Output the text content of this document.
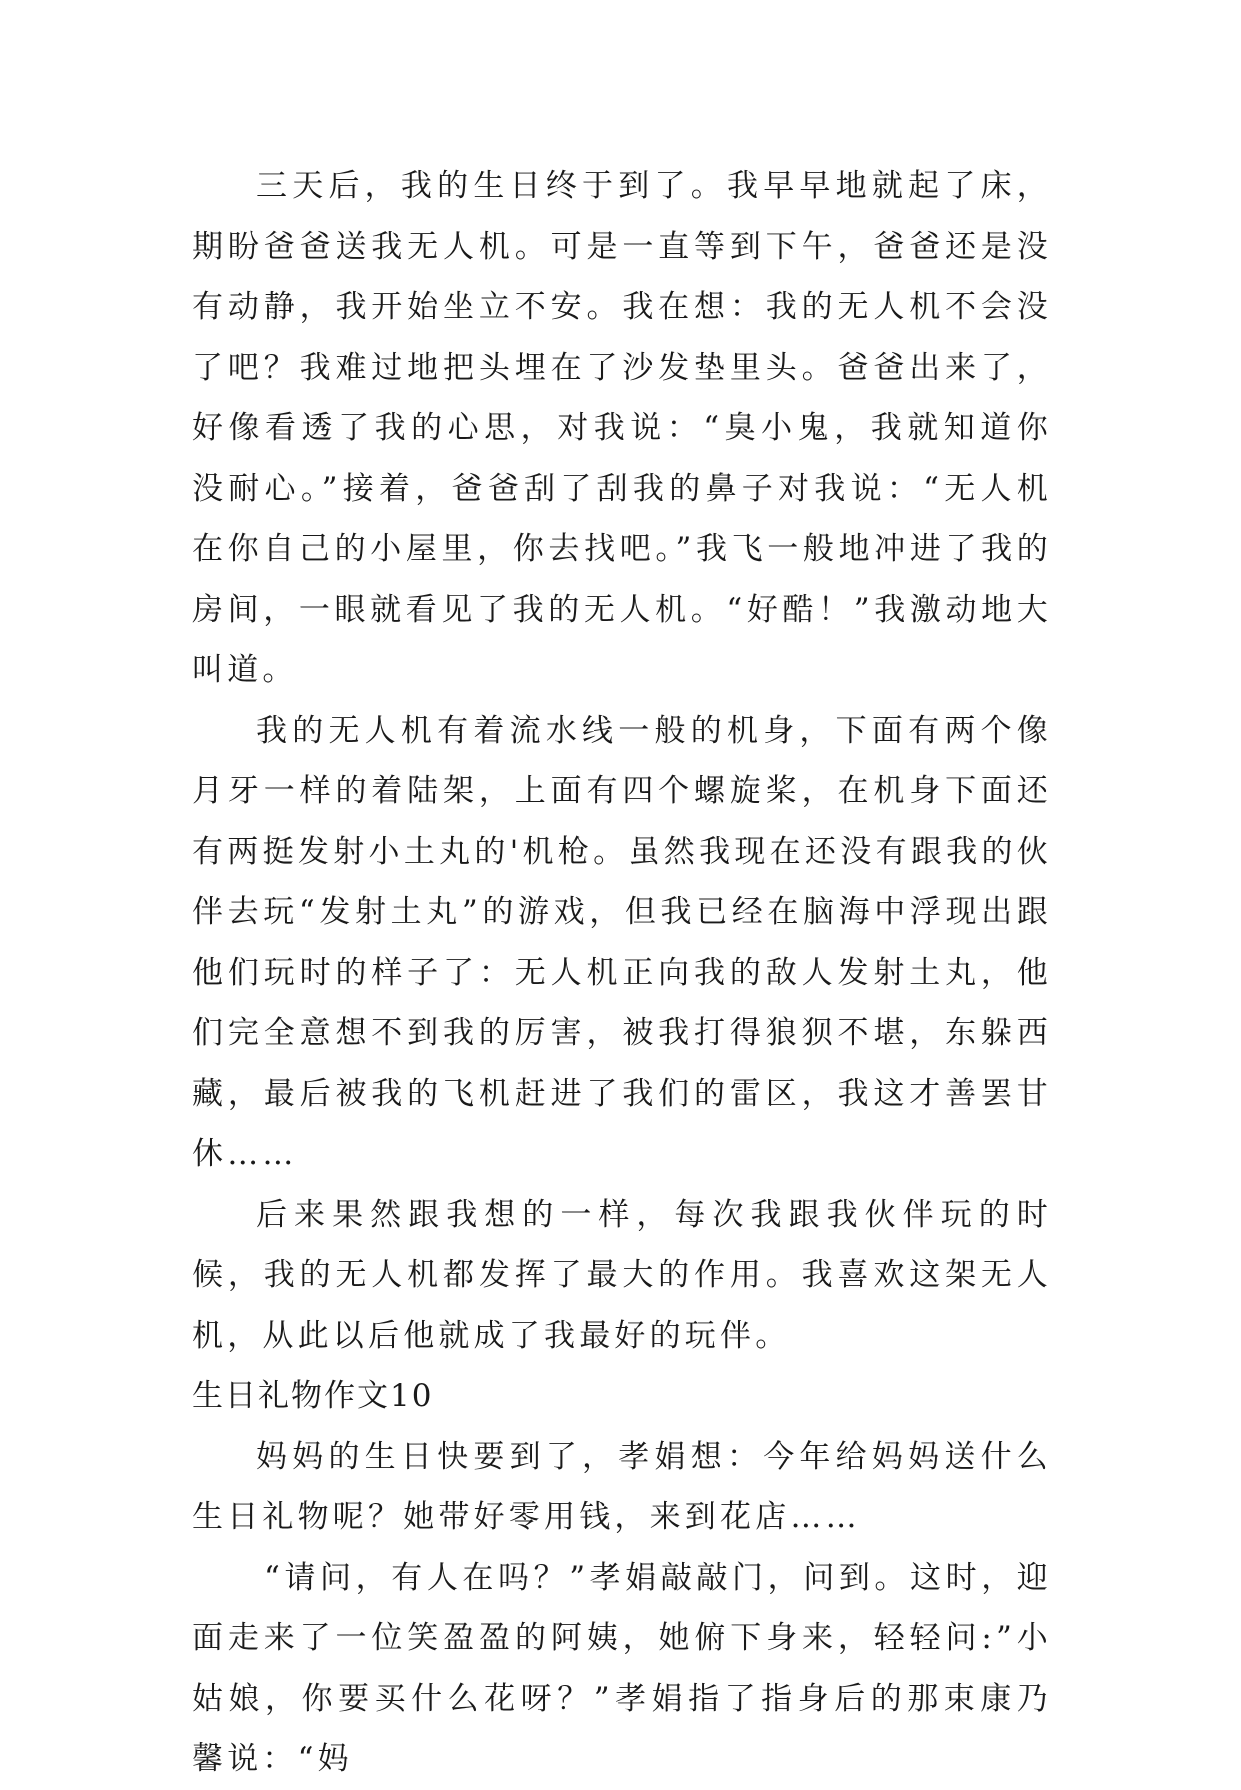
三天后，我的生日终于到了。我早早地就起了床，期盼爸爸送我无人机。可是一直等到下午，爸爸还是没有动静，我开始坐立不安。我在想：我的无人机不会没了吧？我难过地把头埋在了沙发垫里头。爸爸出来了，好像看透了我的心思，对我说：“臭小鬼，我就知道你没耐心。”接着，爸爸刮了刮我的鼻子对我说：“无人机在你自己的小屋里，你去找吧。”我飞一般地冲进了我的房间，一眼就看见了我的无人机。“好酷！”我激动地大叫道。

我的无人机有着流水线一般的机身，下面有两个像月牙一样的着陆架，上面有四个螺旋桨，在机身下面还有两挺发射小土丸的'机枪。虽然我现在还没有跟我的伙伴去玩“发射土丸”的游戏，但我已经在脑海中浮现出跟他们玩时的样子了：无人机正向我的敌人发射土丸，他们完全意想不到我的厉害，被我打得狼狈不堪，东躲西藏，最后被我的飞机赶进了我们的雷区，我这才善罢甘休……

后来果然跟我想的一样，每次我跟我伙伴玩的时候，我的无人机都发挥了最大的作用。我喜欢这架无人机，从此以后他就成了我最好的玩伴。

生日礼物作文10

妈妈的生日快要到了，孝娟想：今年给妈妈送什么生日礼物呢？她带好零用钱，来到花店……

“请问，有人在吗？”孝娟敲敲门，问到。这时，迎面走来了一位笑盈盈的阿姨，她俯下身来，轻轻问:”小姑娘，你要买什么花呀？”孝娟指了指身后的那束康乃馨说：“妈
